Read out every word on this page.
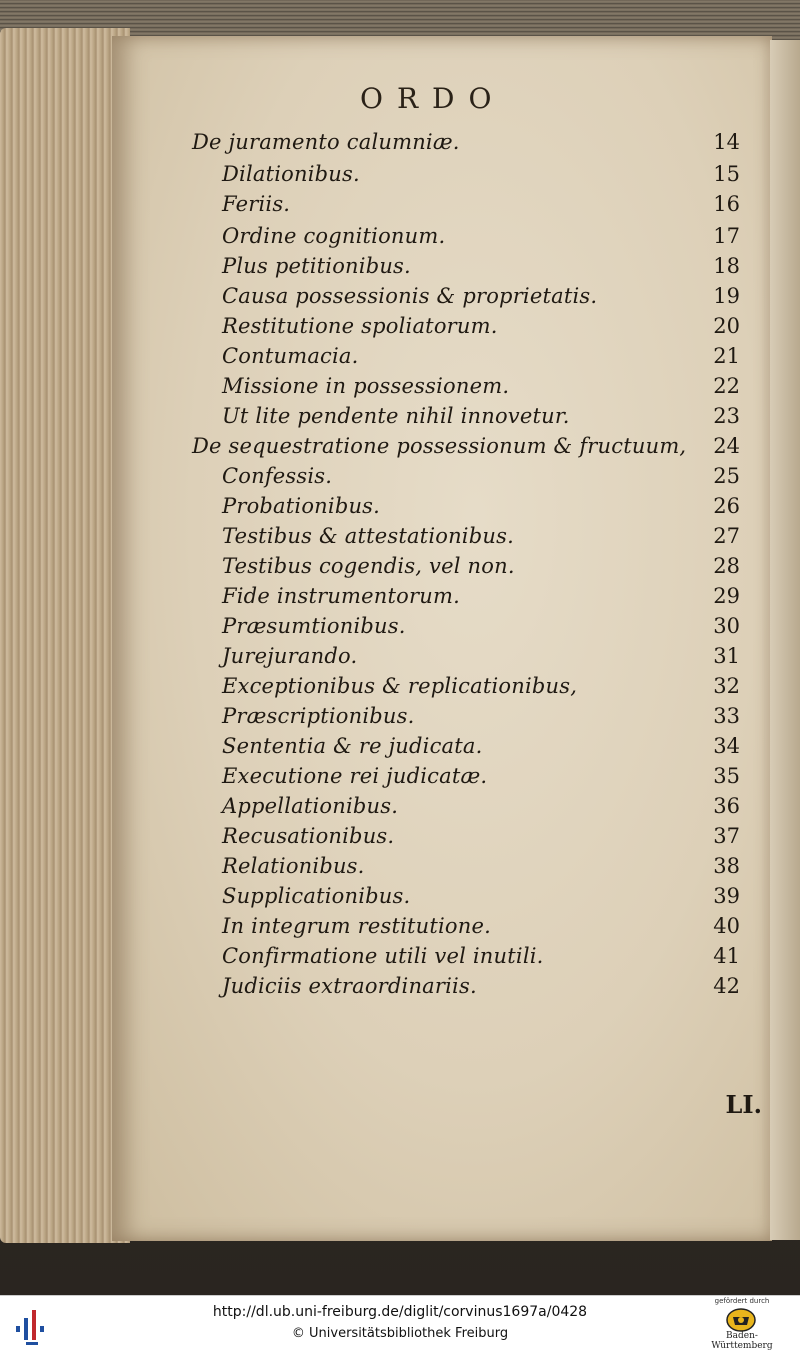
ORDO
De juramento calumniæ.	14
Dilationibus.	15
Feriis.	16
Ordine cognitionum.	17
Plus petitionibus.	18
Causa possessionis & proprietatis.	19
Restitutione spoliatorum.	20
Contumacia.	21
Missione in possessionem.	22
Ut lite pendente nihil innovetur.	23
De sequestratione possessionum & fructuum,	24
Confessis.	25
Probationibus.	26
Testibus & attestationibus.	27
Testibus cogendis, vel non.	28
Fide instrumentorum.	29
Præsumtionibus.	30
Jurejurando.	31
Exceptionibus & replicationibus,	32
Præscriptionibus.	33
Sententia & re judicata.	34
Executione rei judicatæ.	35
Appellationibus.	36
Recusationibus.	37
Relationibus.	38
Supplicationibus.	39
In integrum restitutione.	40
Confirmatione utili vel inutili.	41
Judiciis extraordinariis.	42
LI.
http://dl.ub.uni-freiburg.de/diglit/corvinus1697a/0428
© Universitätsbibliothek Freiburg
gefördert durch
Baden-Württemberg
